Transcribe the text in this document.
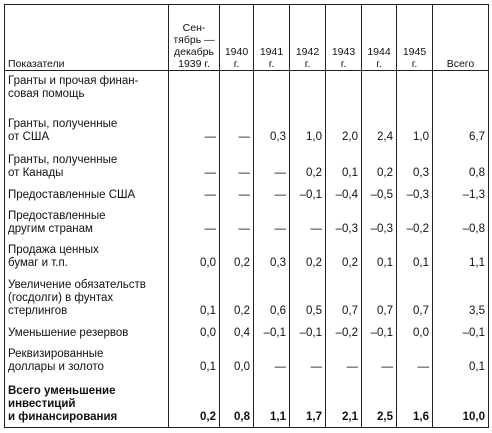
Показатели	Сен- тябрь — декабрь 1939 г.	1940 г.	1941 г.	1942 г.	1943 г.	1944 г.	1945 г.	Всего
Гранты и прочая финан-
совая помощь								
Гранты, полученные
от США	—	—	0,3	1,0	2,0	2,4	1,0	6,7
Гранты, полученные
от Канады	—	—	—	0,2	0,1	0,2	0,3	0,8
Предоставленные США	—	—	—	–0,1	–0,4	–0,5	–0,3	–1,3
Предоставленные
другим странам	—	—	—	—	–0,3	–0,3	–0,2	–0,8
Продажа ценных
бумаг и т.п.	0,0	0,2	0,3	0,2	0,2	0,1	0,1	1,1
Увеличение обязательств
(госдолги) в фунтах
стерлингов	0,1	0,2	0,6	0,5	0,7	0,7	0,7	3,5
Уменьшение резервов	0,0	0,4	–0,1	–0,1	–0,2	–0,1	0,0	–0,1
Реквизированные
доллары и золото	0,1	0,0	—	—	—	—	—	0,1
Всего уменьшение
инвестиций
и финансирования	0,2	0,8	1,1	1,7	2,1	2,5	1,6	10,0
